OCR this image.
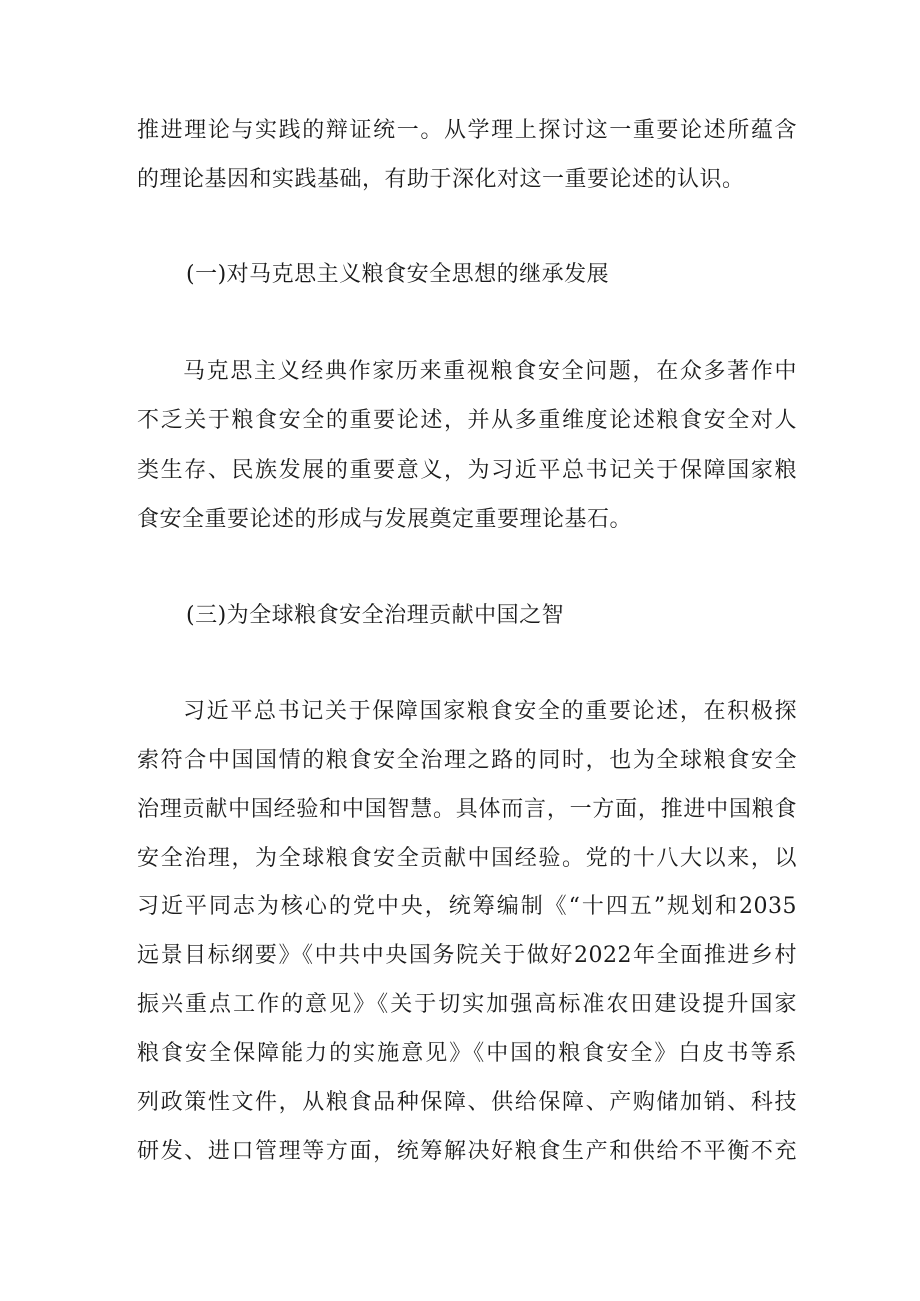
推进理论与实践的辩证统一。从学理上探讨这一重要论述所蕴含
的理论基因和实践基础，有助于深化对这一重要论述的认识。
(一)对马克思主义粮食安全思想的继承发展
马克思主义经典作家历来重视粮食安全问题，在众多著作中
不乏关于粮食安全的重要论述，并从多重维度论述粮食安全对人
类生存、民族发展的重要意义，为习近平总书记关于保障国家粮
食安全重要论述的形成与发展奠定重要理论基石。
(三)为全球粮食安全治理贡献中国之智
习近平总书记关于保障国家粮食安全的重要论述，在积极探
索符合中国国情的粮食安全治理之路的同时，也为全球粮食安全
治理贡献中国经验和中国智慧。具体而言，一方面，推进中国粮食
安全治理，为全球粮食安全贡献中国经验。党的十八大以来，以
习近平同志为核心的党中央，统筹编制《“十四五”规划和2035
远景目标纲要》《中共中央国务院关于做好2022年全面推进乡村
振兴重点工作的意见》《关于切实加强高标准农田建设提升国家
粮食安全保障能力的实施意见》《中国的粮食安全》白皮书等系
列政策性文件，从粮食品种保障、供给保障、产购储加销、科技
研发、进口管理等方面，统筹解决好粮食生产和供给不平衡不充
